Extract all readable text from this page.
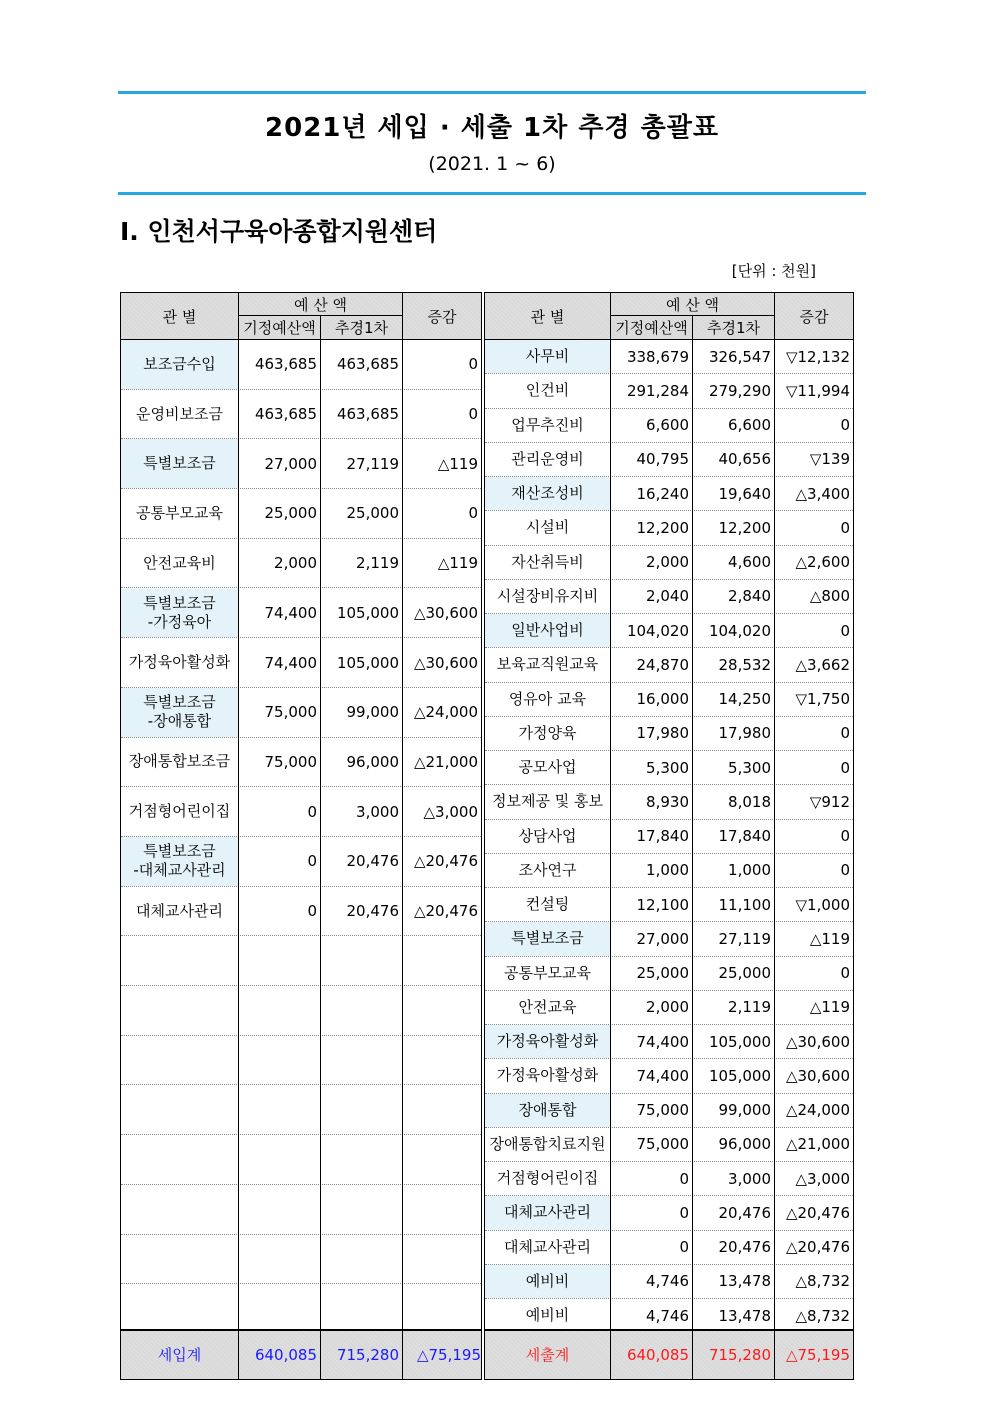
2021년 세입 · 세출 1차 추경 총괄표
(2021. 1 ~ 6)
Ⅰ. 인천서구육아종합지원센터
[단위 : 천원]
관 별
예 산 액
기정예산액	추경1차
증감
보조금수입	463,685	463,685	0
운영비보조금	463,685	463,685	0
특별보조금	27,000	27,119	△119
공통부모교육	25,000	25,000	0
안전교육비	2,000	2,119	△119
특별보조금
-가정육아	74,400	105,000 △30,600
가정육아활성화	74,400	105,000 △30,600
특별보조금
-장애통합	75,000	99,000 △24,000
장애통합보조금	75,000	96,000 △21,000
거점형어린이집	0	3,000	△3,000
특별보조금
-대체교사관리	0	20,476 △20,476
대체교사관리	0	20,476 △20,476
세입계	640,085	715,280	△75,195
관 별
예 산 액
기정예산액	추경1차
증감
사무비	338,679	326,547 ▽12,132
인건비	291,284	279,290 ▽11,994
업무추진비	6,600	6,600	0
관리운영비	40,795	40,656	▽139
재산조성비	16,240	19,640	△3,400
시설비	12,200	12,200	0
자산취득비	2,000	4,600	△2,600
시설장비유지비	2,040	2,840	△800
일반사업비	104,020	104,020	0
보육교직원교육	24,870	28,532	△3,662
영유아 교육	16,000	14,250	▽1,750
가정양육	17,980	17,980	0
공모사업	5,300	5,300	0
정보제공 및 홍보	8,930	8,018	▽912
상담사업	17,840	17,840	0
조사연구	1,000	1,000	0
컨설팅	12,100	11,100	▽1,000
특별보조금	27,000	27,119	△119
공통부모교육	25,000	25,000	0
안전교육	2,000	2,119	△119
가정육아활성화	74,400	105,000 △30,600
가정육아활성화	74,400	105,000 △30,600
장애통합	75,000	99,000 △24,000
장애통합치료지원	75,000	96,000 △21,000
거점형어린이집	0	3,000	△3,000
대체교사관리	0	20,476 △20,476
대체교사관리	0	20,476 △20,476
예비비	4,746	13,478	△8,732
예비비	4,746	13,478	△8,732
세출계	640,085	715,280 △75,195
